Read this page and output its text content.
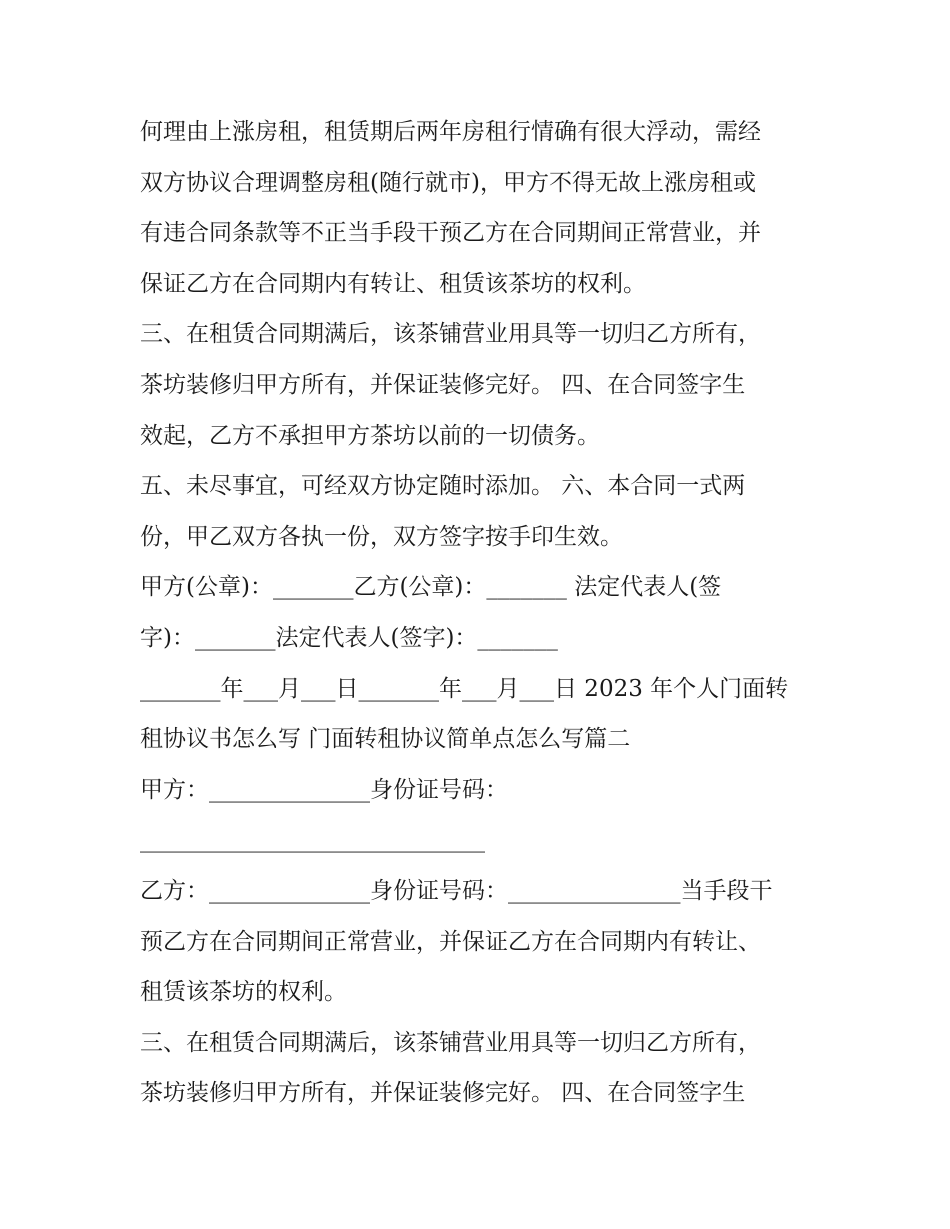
何理由上涨房租，租赁期后两年房租行情确有很大浮动，需经
双方协议合理调整房租(随行就市)，甲方不得无故上涨房租或
有违合同条款等不正当手段干预乙方在合同期间正常营业，并
保证乙方在合同期内有转让、租赁该茶坊的权利。
三、在租赁合同期满后，该茶铺营业用具等一切归乙方所有，
茶坊装修归甲方所有，并保证装修完好。 四、在合同签字生
效起，乙方不承担甲方茶坊以前的一切债务。
五、未尽事宜，可经双方协定随时添加。 六、本合同一式两
份，甲乙双方各执一份，双方签字按手印生效。
甲方(公章)：_______乙方(公章)：_______ 法定代表人(签
字)：_______法定代表人(签字)：_______
_______年___月___日_______年___月___日 2023 年个人门面转
租协议书怎么写 门面转租协议简单点怎么写篇二
甲方：______________身份证号码：
______________________________
乙方：______________身份证号码：_______________当手段干
预乙方在合同期间正常营业，并保证乙方在合同期内有转让、
租赁该茶坊的权利。
三、在租赁合同期满后，该茶铺营业用具等一切归乙方所有，
茶坊装修归甲方所有，并保证装修完好。 四、在合同签字生
